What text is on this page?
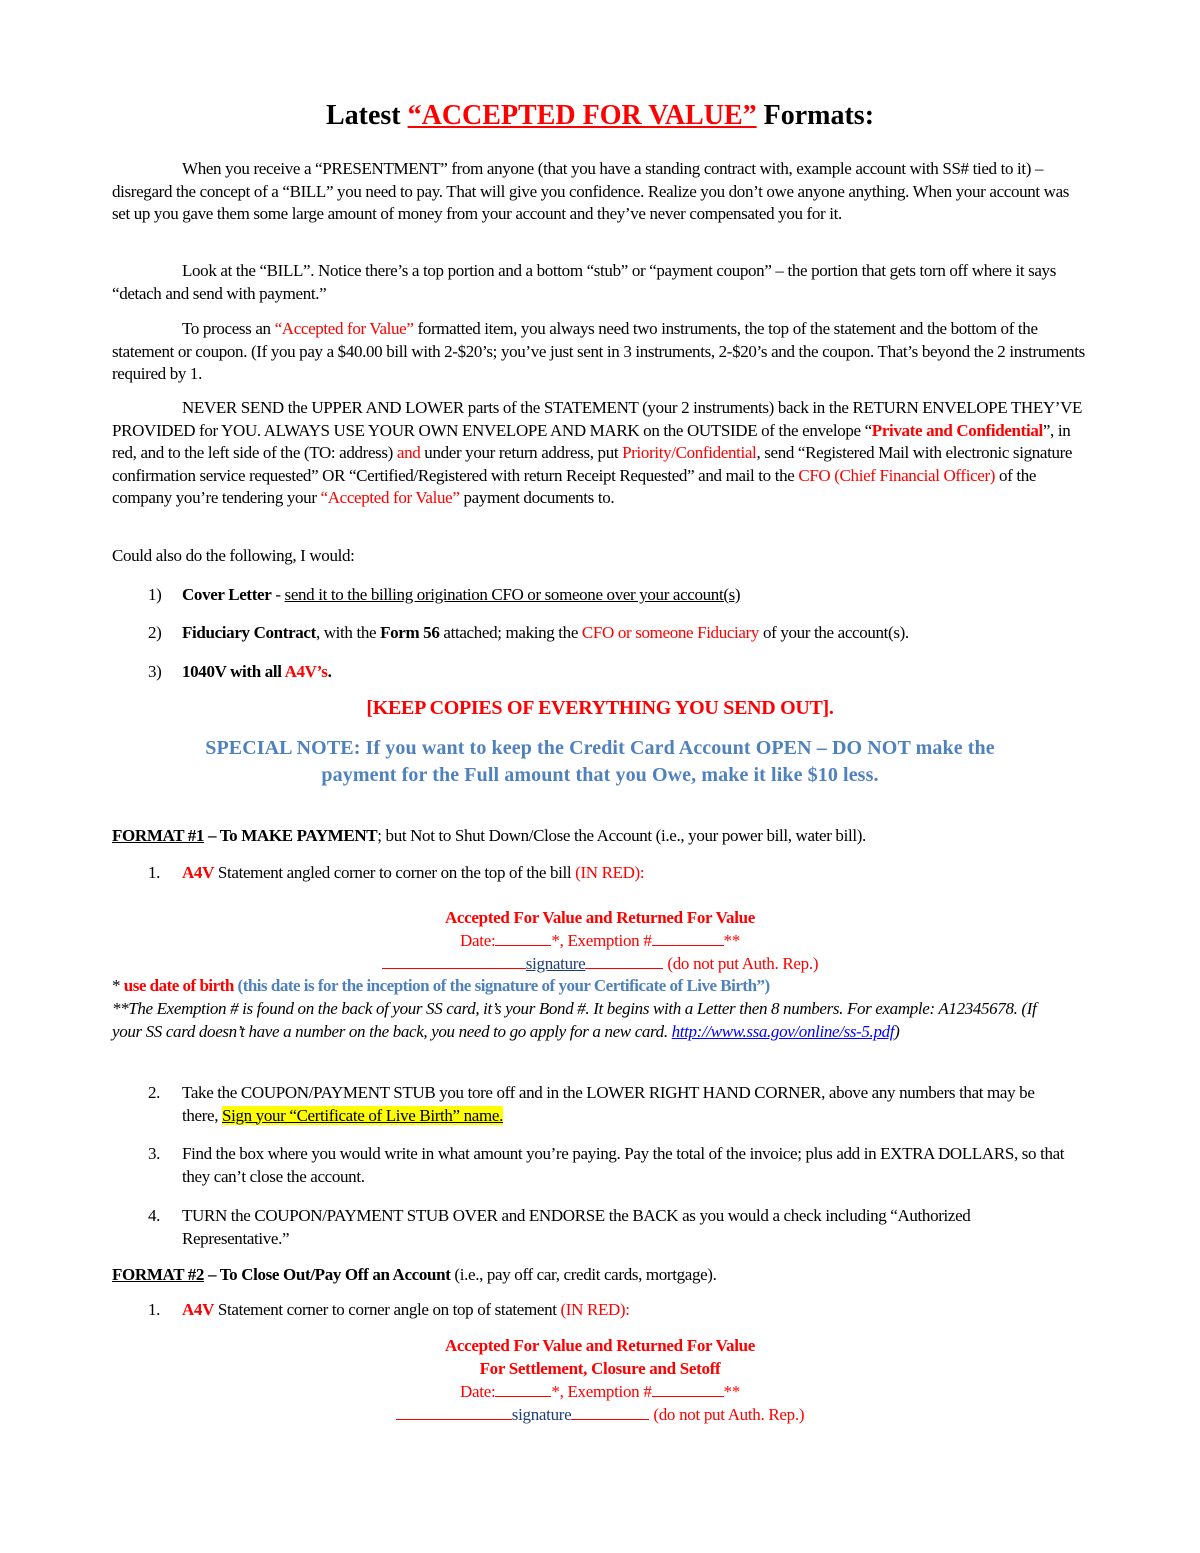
Latest “ACCEPTED FOR VALUE” Formats:
When you receive a “PRESENTMENT” from anyone (that you have a standing contract with, example account with SS# tied to it) – disregard the concept of a “BILL” you need to pay. That will give you confidence. Realize you don’t owe anyone anything. When your account was set up you gave them some large amount of money from your account and they’ve never compensated you for it.
Look at the “BILL”. Notice there’s a top portion and a bottom “stub” or “payment coupon” – the portion that gets torn off where it says “detach and send with payment.”
To process an “Accepted for Value” formatted item, you always need two instruments, the top of the statement and the bottom of the statement or coupon. (If you pay a $40.00 bill with 2-$20’s; you’ve just sent in 3 instruments, 2-$20’s and the coupon. That’s beyond the 2 instruments required by 1.
NEVER SEND the UPPER AND LOWER parts of the STATEMENT (your 2 instruments) back in the RETURN ENVELOPE THEY’VE PROVIDED for YOU. ALWAYS USE YOUR OWN ENVELOPE AND MARK on the OUTSIDE of the envelope “Private and Confidential”, in red, and to the left side of the (TO: address) and under your return address, put Priority/Confidential, send “Registered Mail with electronic signature confirmation service requested” OR “Certified/Registered with return Receipt Requested” and mail to the CFO (Chief Financial Officer) of the company you’re tendering your “Accepted for Value” payment documents to.
Could also do the following, I would:
1) Cover Letter - send it to the billing origination CFO or someone over your account(s)
2) Fiduciary Contract, with the Form 56 attached; making the CFO or someone Fiduciary of your the account(s).
3) 1040V with all A4V’s.
[KEEP COPIES OF EVERYTHING YOU SEND OUT].
SPECIAL NOTE: If you want to keep the Credit Card Account OPEN – DO NOT make the
payment for the Full amount that you Owe, make it like $10 less.
FORMAT #1 – To MAKE PAYMENT; but Not to Shut Down/Close the Account (i.e., your power bill, water bill).
1. A4V Statement angled corner to corner on the top of the bill (IN RED):
Accepted For Value and Returned For Value
Date:	*, Exemption #	**
signature	(do not put Auth. Rep.)
* use date of birth (this date is for the inception of the signature of your Certificate of Live Birth”)
**The Exemption # is found on the back of your SS card, it’s your Bond #. It begins with a Letter then 8 numbers. For example: A12345678. (If your SS card doesn’t have a number on the back, you need to go apply for a new card. http://www.ssa.gov/online/ss-5.pdf)
2. Take the COUPON/PAYMENT STUB you tore off and in the LOWER RIGHT HAND CORNER, above any numbers that may be there, Sign your “Certificate of Live Birth” name.
3. Find the box where you would write in what amount you’re paying. Pay the total of the invoice; plus add in EXTRA DOLLARS, so that they can’t close the account.
4. TURN the COUPON/PAYMENT STUB OVER and ENDORSE the BACK as you would a check including “Authorized Representative.”
FORMAT #2 – To Close Out/Pay Off an Account (i.e., pay off car, credit cards, mortgage).
1. A4V Statement corner to corner angle on top of statement (IN RED):
Accepted For Value and Returned For Value
For Settlement, Closure and Setoff
Date:	*, Exemption #	**
signature	(do not put Auth. Rep.)
